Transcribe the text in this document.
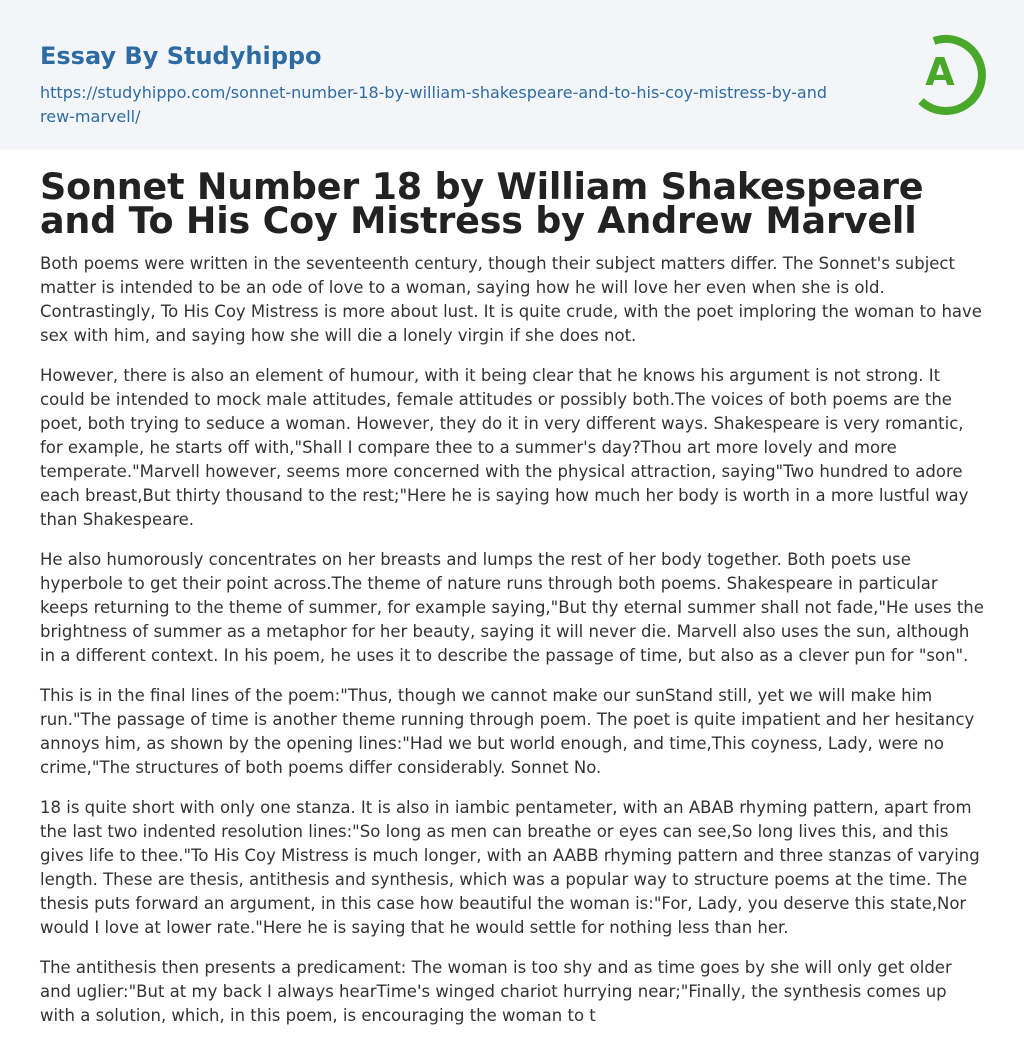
Essay By Studyhippo
https://studyhippo.com/sonnet-number-18-by-william-shakespeare-and-to-his-coy-mistress-by-andrew-marvell/
A
Sonnet Number 18 by William Shakespeare and To His Coy Mistress by Andrew Marvell

Both poems were written in the seventeenth century, though their subject matters differ. The Sonnet's subject matter is intended to be an ode of love to a woman, saying how he will love her even when she is old. Contrastingly, To His Coy Mistress is more about lust. It is quite crude, with the poet imploring the woman to have sex with him, and saying how she will die a lonely virgin if she does not.

However, there is also an element of humour, with it being clear that he knows his argument is not strong. It could be intended to mock male attitudes, female attitudes or possibly both.The voices of both poems are the poet, both trying to seduce a woman. However, they do it in very different ways. Shakespeare is very romantic, for example, he starts off with,"Shall I compare thee to a summer's day?Thou art more lovely and more temperate."Marvell however, seems more concerned with the physical attraction, saying"Two hundred to adore each breast,But thirty thousand to the rest;"Here he is saying how much her body is worth in a more lustful way than Shakespeare.

He also humorously concentrates on her breasts and lumps the rest of her body together. Both poets use hyperbole to get their point across.The theme of nature runs through both poems. Shakespeare in particular keeps returning to the theme of summer, for example saying,"But thy eternal summer shall not fade,"He uses the brightness of summer as a metaphor for her beauty, saying it will never die. Marvell also uses the sun, although in a different context. In his poem, he uses it to describe the passage of time, but also as a clever pun for "son".

This is in the final lines of the poem:"Thus, though we cannot make our sunStand still, yet we will make him run."The passage of time is another theme running through poem. The poet is quite impatient and her hesitancy annoys him, as shown by the opening lines:"Had we but world enough, and time,This coyness, Lady, were no crime,"The structures of both poems differ considerably. Sonnet No.

18 is quite short with only one stanza. It is also in iambic pentameter, with an ABAB rhyming pattern, apart from the last two indented resolution lines:"So long as men can breathe or eyes can see,So long lives this, and this gives life to thee."To His Coy Mistress is much longer, with an AABB rhyming pattern and three stanzas of varying length. These are thesis, antithesis and synthesis, which was a popular way to structure poems at the time. The thesis puts forward an argument, in this case how beautiful the woman is:"For, Lady, you deserve this state,Nor would I love at lower rate."Here he is saying that he would settle for nothing less than her.

The antithesis then presents a predicament: The woman is too shy and as time goes by she will only get older and uglier:"But at my back I always hearTime's winged chariot hurrying near;"Finally, the synthesis comes up with a solution, which, in this poem, is encouraging the woman to t
